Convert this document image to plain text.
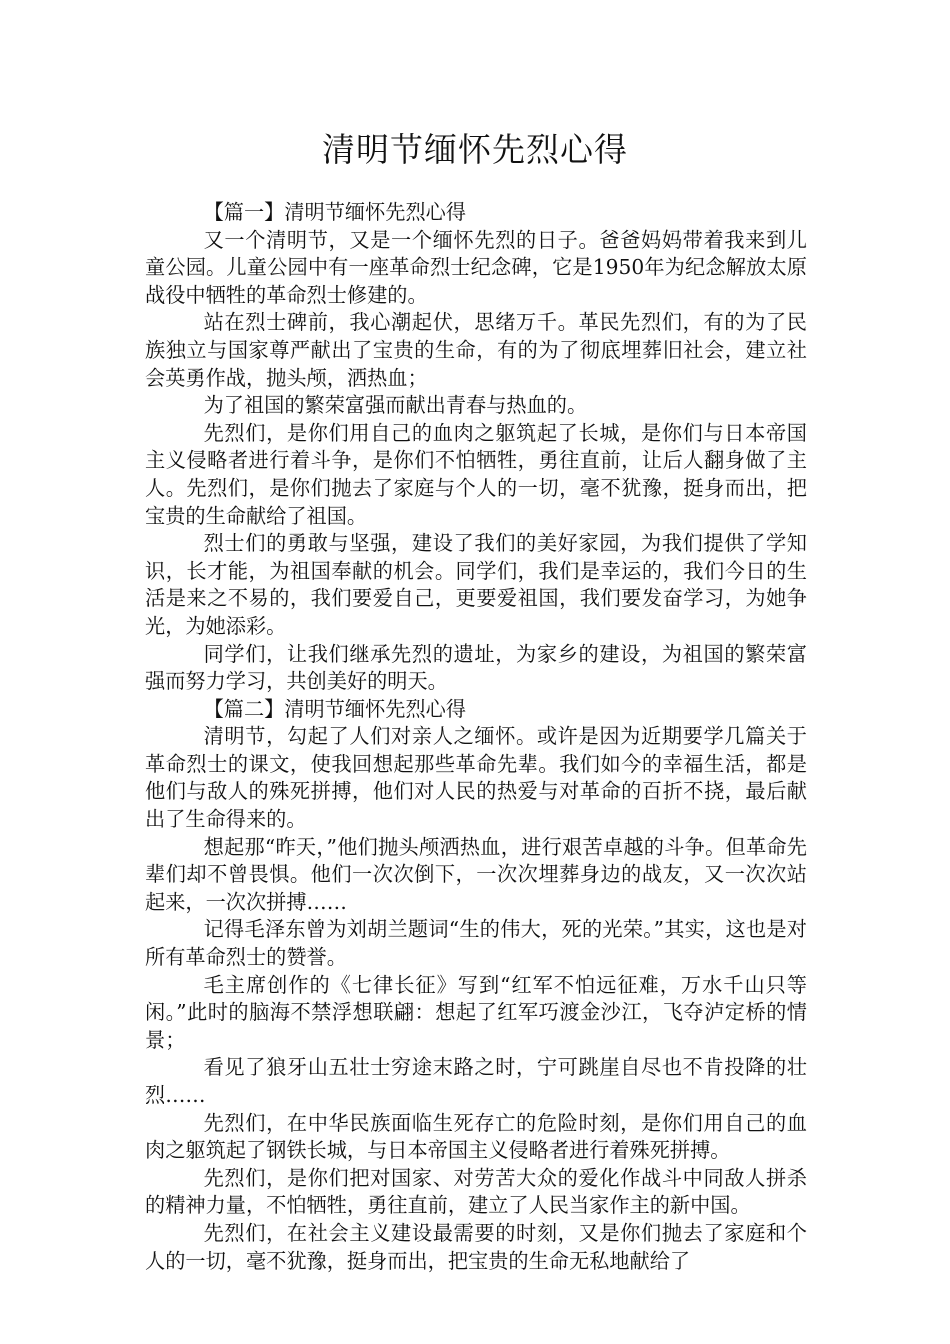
清明节缅怀先烈心得

【篇一】清明节缅怀先烈心得

又一个清明节，又是一个缅怀先烈的日子。爸爸妈妈带着我来到儿童公园。儿童公园中有一座革命烈士纪念碑，它是1950年为纪念解放太原战役中牺牲的革命烈士修建的。

站在烈士碑前，我心潮起伏，思绪万千。革民先烈们，有的为了民族独立与国家尊严献出了宝贵的生命，有的为了彻底埋葬旧社会，建立社会英勇作战，抛头颅，洒热血；

为了祖国的繁荣富强而献出青春与热血的。

先烈们，是你们用自己的血肉之躯筑起了长城，是你们与日本帝国主义侵略者进行着斗争，是你们不怕牺牲，勇往直前，让后人翻身做了主人。先烈们，是你们抛去了家庭与个人的一切，毫不犹豫，挺身而出，把宝贵的生命献给了祖国。

烈士们的勇敢与坚强，建设了我们的美好家园，为我们提供了学知识，长才能，为祖国奉献的机会。同学们，我们是幸运的，我们今日的生活是来之不易的，我们要爱自己，更要爱祖国，我们要发奋学习，为她争光，为她添彩。

同学们，让我们继承先烈的遗址，为家乡的建设，为祖国的繁荣富强而努力学习，共创美好的明天。

【篇二】清明节缅怀先烈心得

清明节，勾起了人们对亲人之缅怀。或许是因为近期要学几篇关于革命烈士的课文，使我回想起那些革命先辈。我们如今的幸福生活，都是他们与敌人的殊死拼搏，他们对人民的热爱与对革命的百折不挠，最后献出了生命得来的。

想起那“昨天，”他们抛头颅洒热血，进行艰苦卓越的斗争。但革命先辈们却不曾畏惧。他们一次次倒下，一次次埋葬身边的战友，又一次次站起来，一次次拼搏……

记得毛泽东曾为刘胡兰题词“生的伟大，死的光荣。”其实，这也是对所有革命烈士的赞誉。

毛主席创作的《七律长征》写到“红军不怕远征难，万水千山只等闲。”此时的脑海不禁浮想联翩：想起了红军巧渡金沙江，飞夺泸定桥的情景；

看见了狼牙山五壮士穷途末路之时，宁可跳崖自尽也不肯投降的壮烈……

先烈们，在中华民族面临生死存亡的危险时刻，是你们用自己的血肉之躯筑起了钢铁长城，与日本帝国主义侵略者进行着殊死拼搏。

先烈们，是你们把对国家、对劳苦大众的爱化作战斗中同敌人拼杀的精神力量，不怕牺牲，勇往直前，建立了人民当家作主的新中国。

先烈们，在社会主义建设最需要的时刻，又是你们抛去了家庭和个人的一切，毫不犹豫，挺身而出，把宝贵的生命无私地献给了
